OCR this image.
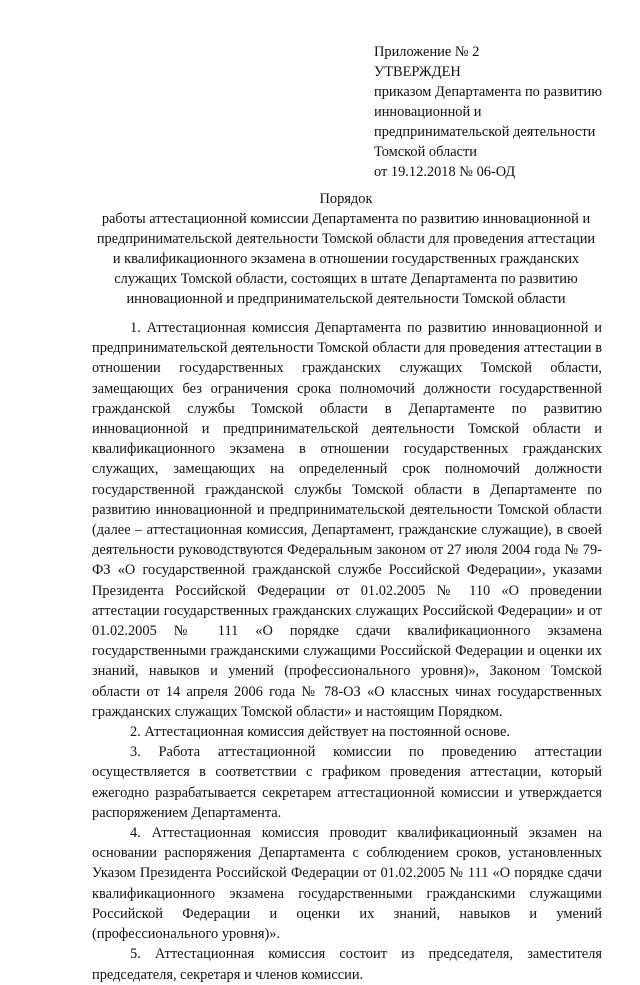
Приложение № 2
УТВЕРЖДЕН
приказом Департамента по развитию
инновационной и
предпринимательской деятельности
Томской области
от 19.12.2018 № 06-ОД
Порядок
работы аттестационной комиссии Департамента по развитию инновационной и предпринимательской деятельности Томской области для проведения аттестации и квалификационного экзамена в отношении государственных гражданских служащих Томской области, состоящих в штате Департамента по развитию инновационной и предпринимательской деятельности Томской области

1. Аттестационная комиссия Департамента по развитию инновационной и предпринимательской деятельности Томской области для проведения аттестации в отношении государственных гражданских служащих Томской области, замещающих без ограничения срока полномочий должности государственной гражданской службы Томской области в Департаменте по развитию инновационной и предпринимательской деятельности Томской области и квалификационного экзамена в отношении государственных гражданских служащих, замещающих на определенный срок полномочий должности государственной гражданской службы Томской области в Департаменте по развитию инновационной и предпринимательской деятельности Томской области (далее – аттестационная комиссия, Департамент, гражданские служащие), в своей деятельности руководствуются Федеральным законом от 27 июля 2004 года № 79-ФЗ «О государственной гражданской службе Российской Федерации», указами Президента Российской Федерации от 01.02.2005 № 110 «О проведении аттестации государственных гражданских служащих Российской Федерации» и от 01.02.2005 № 111 «О порядке сдачи квалификационного экзамена государственными гражданскими служащими Российской Федерации и оценки их знаний, навыков и умений (профессионального уровня)», Законом Томской области от 14 апреля 2006 года № 78-ОЗ «О классных чинах государственных гражданских служащих Томской области» и настоящим Порядком.

2. Аттестационная комиссия действует на постоянной основе.

3. Работа аттестационной комиссии по проведению аттестации осуществляется в соответствии с графиком проведения аттестации, который ежегодно разрабатывается секретарем аттестационной комиссии и утверждается распоряжением Департамента.

4. Аттестационная комиссия проводит квалификационный экзамен на основании распоряжения Департамента с соблюдением сроков, установленных Указом Президента Российской Федерации от 01.02.2005 № 111 «О порядке сдачи квалификационного экзамена государственными гражданскими служащими Российской Федерации и оценки их знаний, навыков и умений (профессионального уровня)».

5. Аттестационная комиссия состоит из председателя, заместителя председателя, секретаря и членов комиссии.
